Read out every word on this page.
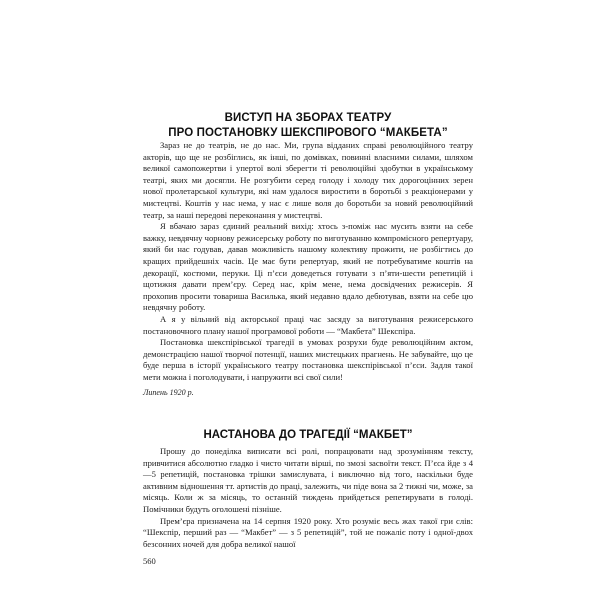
ВИСТУП НА ЗБОРАХ ТЕАТРУ
ПРО ПОСТАНОВКУ ШЕКСПІРОВОГО “МАКБЕТА”

Зараз не до театрів, не до нас. Ми, група відданих справі революційного театру акторів, що ще не розбіглись, як інші, по домівках, повинні власними силами, шляхом великої самопожертви і упертої волі зберегти ті революційні здобутки в українському театрі, яких ми досягли. Не розгубити серед голоду і холоду тих дорогоцінних зерен нової пролетарської культури, які нам удалося виростити в боротьбі з реакціонерами у мистецтві. Коштів у нас нема, у нас є лише воля до боротьби за новий революційний театр, за наші передові переконання у мистецтві.

Я вбачаю зараз єдиний реальний вихід: хтось з-поміж нас мусить взяти на себе важку, невдячну чорнову режисерську роботу по виготуванню компромісного репертуару, який би нас годував, давав можливість нашому колективу прожити, не розбігтись до кращих прийдешніх часів. Це має бути репертуар, який не потребуватиме коштів на декорації, костюми, перуки. Ці п’єси доведеться готувати з п’яти-шести репетицій і щотижня давати прем’єру. Серед нас, крім мене, нема досвідчених режисерів. Я прохопив просити товариша Василька, який недавно вдало дебютував, взяти на себе цю невдячну роботу.

А я у вільний від акторської праці час засяду за виготування режисерського постановочного плану нашої програмової роботи — “Макбета” Шекспіра.

Постановка шекспірівської трагедії в умовах розрухи буде революційним актом, демонстрацією нашої творчої потенції, наших мистецьких прагнень. Не забувайте, що це буде перша в історії українського театру постановка шекспірівської п’єси. Задля такої мети можна і поголодувати, і напружити всі свої сили!

Липень 1920 р.

НАСТАНОВА ДО ТРАГЕДІЇ “МАКБЕТ”

Прошу до понеділка виписати всі ролі, попрацювати над зрозумінням тексту, привчитися абсолютно гладко і чисто читати вірші, по змозі засвоїти текст. П’єса йде з 4—5 репетицій, постановка трішки замислувата, і виключно від того, наскільки буде активним відношення тт. артистів до праці, залежить, чи піде вона за 2 тижні чи, може, за місяць. Коли ж за місяць, то останній тиждень прийдеться репетирувати в голоді. Помічники будуть оголошені пізніше.

Прем’єра призначена на 14 серпня 1920 року. Хто розуміє весь жах такої гри слів: “Шекспір, перший раз — “Макбет” — з 5 репетицій”, той не пожаліє поту і одної-двох безсонних ночей для добра великої нашої

560
